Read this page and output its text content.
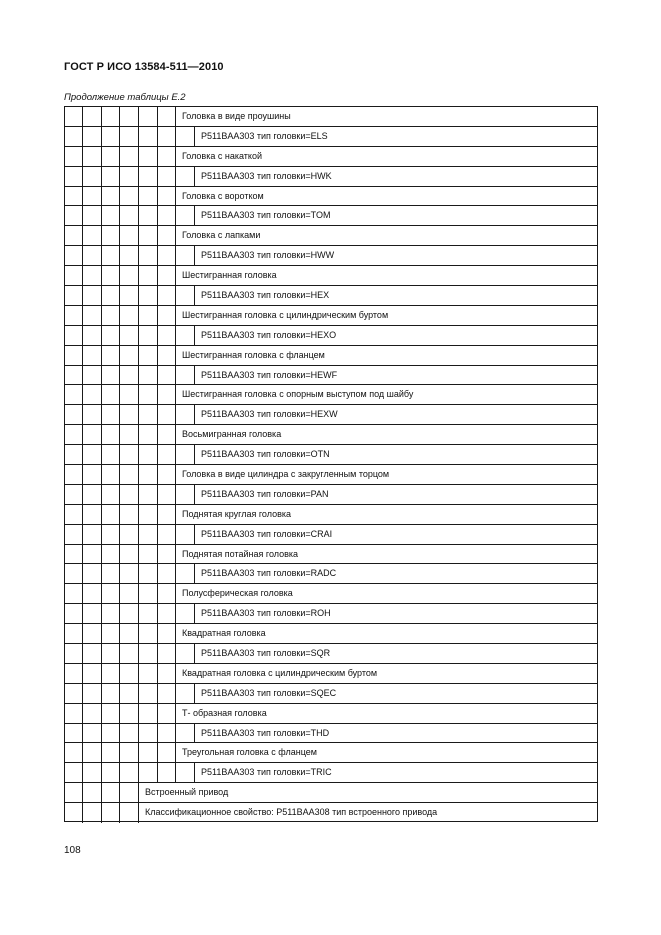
ГОСТ Р ИСО 13584-511—2010
Продолжение таблицы Е.2
Головка в виде проушины
P511BAA303 тип головки=ELS
Головка с накаткой
P511BAA303 тип головки=HWK
Головка с воротком
P511BAA303 тип головки=TOM
Головка с лапками
P511BAA303 тип головки=HWW
Шестигранная головка
P511BAA303 тип головки=HEX
Шестигранная головка с цилиндрическим буртом
P511BAA303 тип головки=HEXO
Шестигранная головка с фланцем
P511BAA303 тип головки=HEWF
Шестигранная головка с опорным выступом под шайбу
P511BAA303 тип головки=HEXW
Восьмигранная головка
P511BAA303 тип головки=OTN
Головка в виде цилиндра с закругленным торцом
P511BAA303 тип головки=PAN
Поднятая круглая головка
P511BAA303 тип головки=CRAI
Поднятая потайная головка
P511BAA303 тип головки=RADC
Полусферическая головка
P511BAA303 тип головки=ROH
Квадратная головка
P511BAA303 тип головки=SQR
Квадратная головка с цилиндрическим буртом
P511BAA303 тип головки=SQEC
Т- образная головка
P511BAA303 тип головки=THD
Треугольная головка с фланцем
P511BAA303 тип головки=TRIC
Встроенный привод
Классификационное свойство: P511BAA308 тип встроенного привода
108
